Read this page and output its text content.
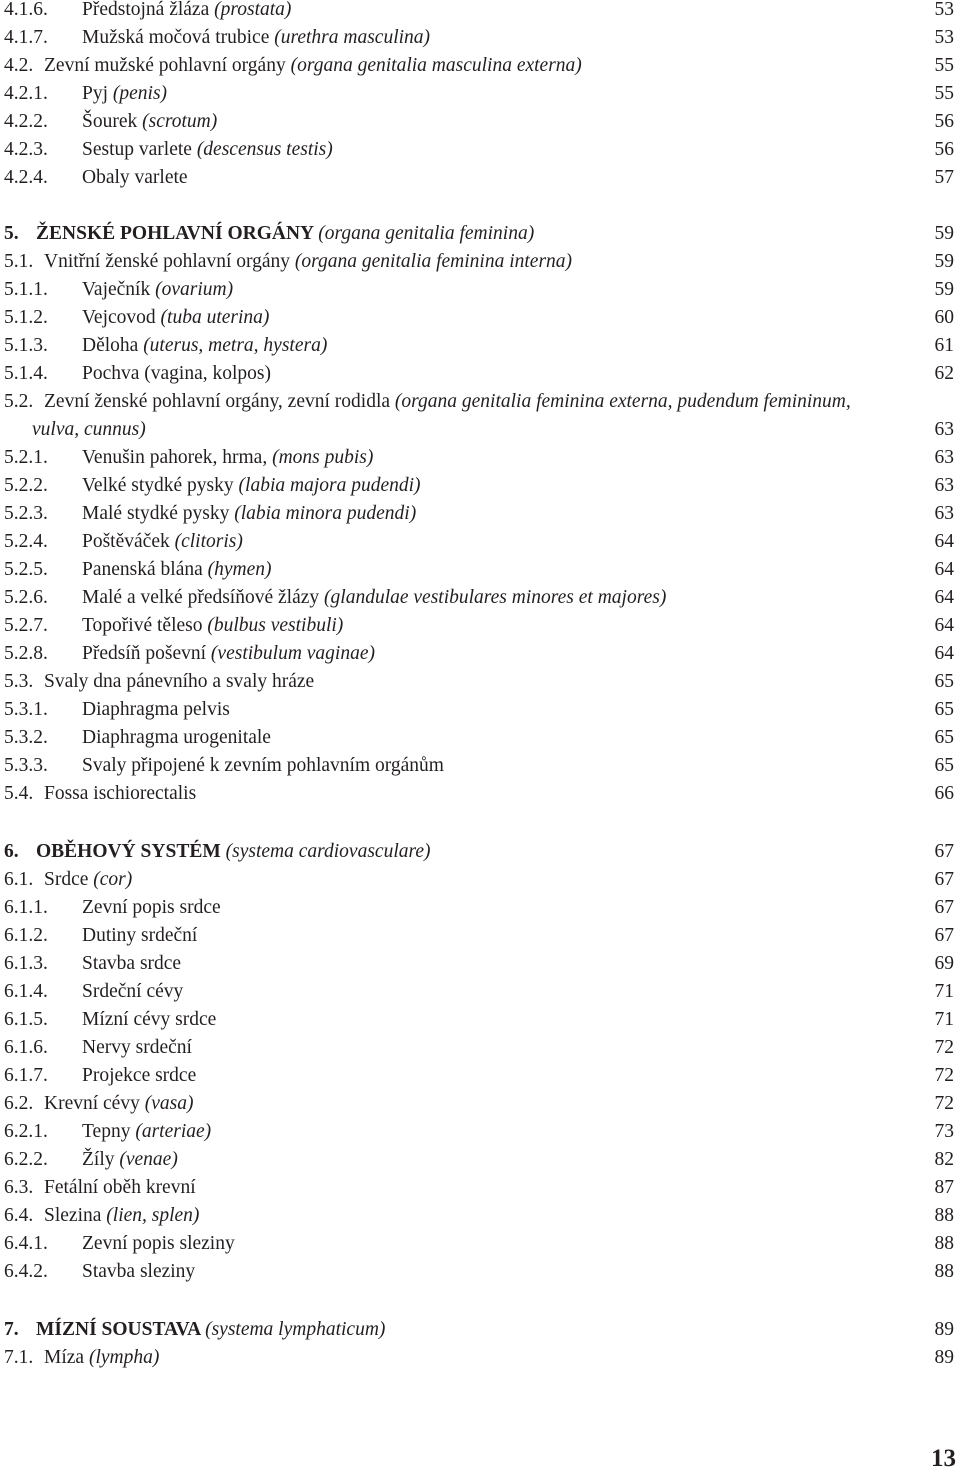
4.1.6. Předstojná žláza (prostata)	53
4.1.7. Mužská močová trubice (urethra masculina)	53
4.2. Zevní mužské pohlavní orgány (organa genitalia masculina externa)	55
4.2.1. Pyj (penis)	55
4.2.2. Šourek (scrotum)	56
4.2.3. Sestup varlete (descensus testis)	56
4.2.4. Obaly varlete	57
5. ŽENSKÉ POHLAVNÍ ORGÁNY (organa genitalia feminina)	59
5.1. Vnitřní ženské pohlavní orgány (organa genitalia feminina interna)	59
5.1.1. Vaječník (ovarium)	59
5.1.2. Vejcovod (tuba uterina)	60
5.1.3. Děloha (uterus, metra, hystera)	61
5.1.4. Pochva (vagina, kolpos)	62
5.2. Zevní ženské pohlavní orgány, zevní rodidla (organa genitalia feminina externa, pudendum femininum,
vulva, cunnus)	63
5.2.1. Venušin pahorek, hrma, (mons pubis)	63
5.2.2. Velké stydké pysky (labia majora pudendi)	63
5.2.3. Malé stydké pysky (labia minora pudendi)	63
5.2.4. Poštěváček (clitoris)	64
5.2.5. Panenská blána (hymen)	64
5.2.6. Malé a velké předsíňové žlázy (glandulae vestibulares minores et majores)	64
5.2.7. Topořivé těleso (bulbus vestibuli)	64
5.2.8. Předsíň poševní (vestibulum vaginae)	64
5.3. Svaly dna pánevního a svaly hráze	65
5.3.1. Diaphragma pelvis	65
5.3.2. Diaphragma urogenitale	65
5.3.3. Svaly připojené k zevním pohlavním orgánům	65
5.4. Fossa ischiorectalis	66
6. OBĚHOVÝ SYSTÉM (systema cardiovasculare)	67
6.1. Srdce (cor)	67
6.1.1. Zevní popis srdce	67
6.1.2. Dutiny srdeční	67
6.1.3. Stavba srdce	69
6.1.4. Srdeční cévy	71
6.1.5. Mízní cévy srdce	71
6.1.6. Nervy srdeční	72
6.1.7. Projekce srdce	72
6.2. Krevní cévy (vasa)	72
6.2.1. Tepny (arteriae)	73
6.2.2. Žíly (venae)	82
6.3. Fetální oběh krevní	87
6.4. Slezina (lien, splen)	88
6.4.1. Zevní popis sleziny	88
6.4.2. Stavba sleziny	88
7. MÍZNÍ SOUSTAVA (systema lymphaticum)	89
7.1. Míza (lympha)	89
13
